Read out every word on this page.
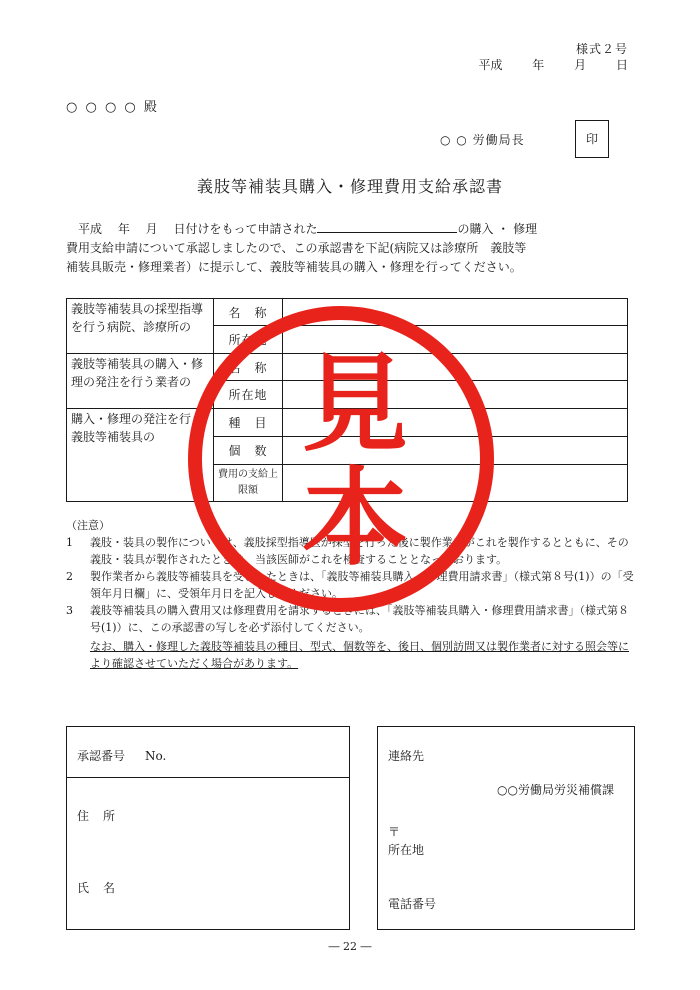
様式２号
平成 年 月 日
○ ○ ○ ○ 殿
○ ○ 労働局長	印
義肢等補装具購入・修理費用支給承認書

　平成　 年　 月　 日付けをもって申請された	の購入 ・ 修理

費用支給申請について承認しましたので、この承認書を下記(病院又は診療所　義肢等

補装具販売・修理業者）に提示して、義肢等補装具の購入・修理を行ってください。

義肢等補装具の採型指導を行う病院、診療所の	名　称	
	所在地	
義肢等補装具の購入・修理の発注を行う業者の	名　称	
	所在地	
購入・修理の発注を行う義肢等補装具の	種　目	
	個　数	
	費用の支給上限額	
（注意）
1	義肢・装具の製作については、義肢採型指導医が採型を行った後に製作業者がこれを製作するとともに、その義肢・装具が製作されたときは、当該医師がこれを検査することとなっております。
2	製作業者から義肢等補装具を受領したときは、「義肢等補装具購入・修理費用請求書」（様式第８号(1)）の「受領年月日欄」に、受領年月日を記入してください。
3	義肢等補装具の購入費用又は修理費用を請求するときには、「義肢等補装具購入・修理費用請求書」（様式第８号(1)）に、この承認書の写しを必ず添付してください。
なお、購入・修理した義肢等補装具の種目、型式、個数等を、後日、個別訪問又は製作業者に対する照会等により確認させていただく場合があります。
承認番号 No.
住　所
氏　名
連絡先
○○労働局労災補償課
〒
所在地
電話番号
― 22 ―
見
本
